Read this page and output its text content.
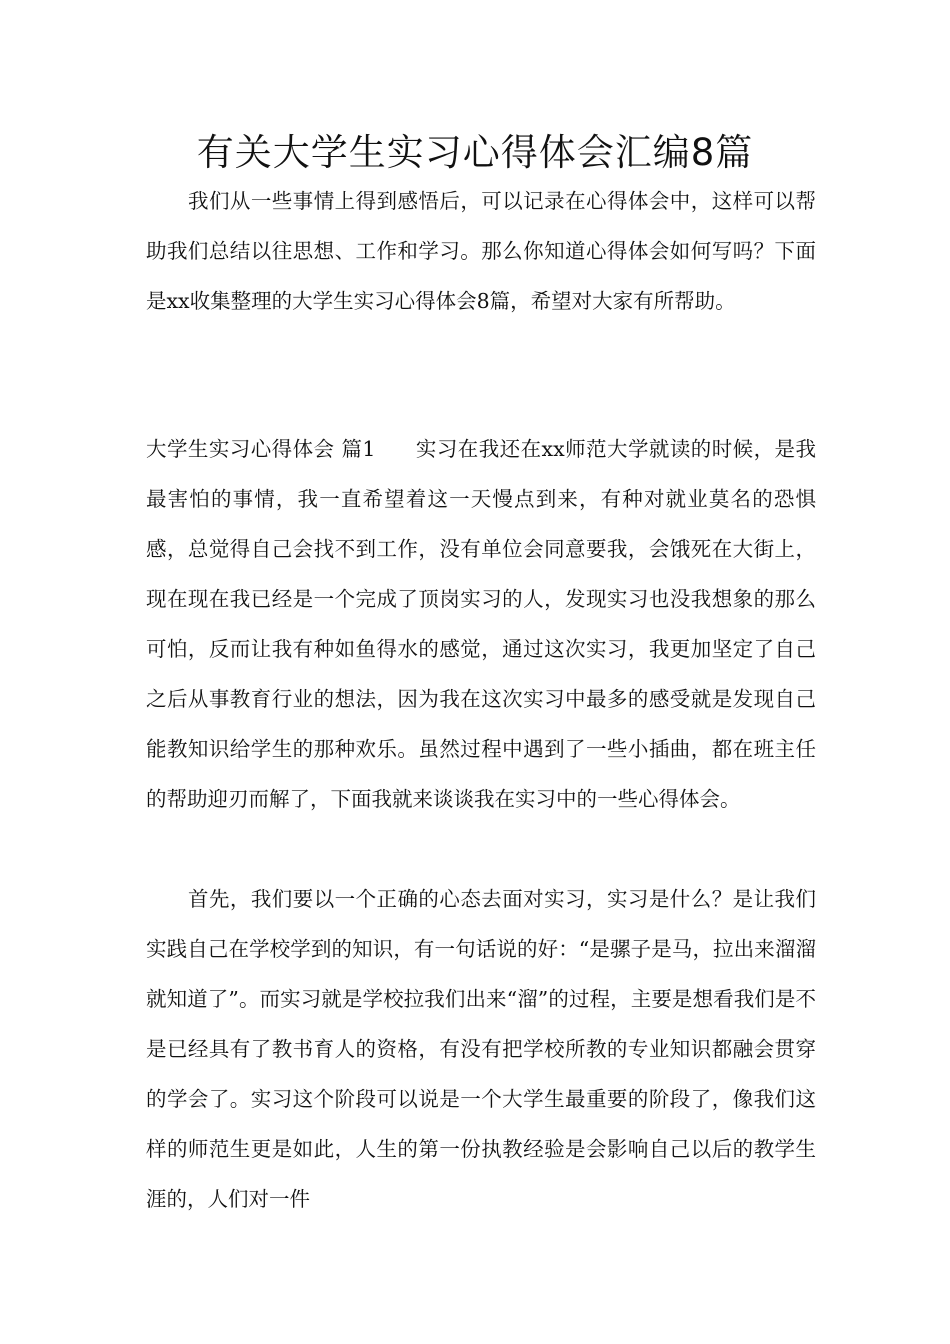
有关大学生实习心得体会汇编8篇

我们从一些事情上得到感悟后，可以记录在心得体会中，这样可以帮助我们总结以往思想、工作和学习。那么你知道心得体会如何写吗？下面是xx收集整理的大学生实习心得体会8篇，希望对大家有所帮助。

大学生实习心得体会 篇1 实习在我还在xx师范大学就读的时候，是我最害怕的事情，我一直希望着这一天慢点到来，有种对就业莫名的恐惧感，总觉得自己会找不到工作，没有单位会同意要我，会饿死在大街上，现在现在我已经是一个完成了顶岗实习的人，发现实习也没我想象的那么可怕，反而让我有种如鱼得水的感觉，通过这次实习，我更加坚定了自己之后从事教育行业的想法，因为我在这次实习中最多的感受就是发现自己能教知识给学生的那种欢乐。虽然过程中遇到了一些小插曲，都在班主任的帮助迎刃而解了，下面我就来谈谈我在实习中的一些心得体会。

首先，我们要以一个正确的心态去面对实习，实习是什么？是让我们实践自己在学校学到的知识，有一句话说的好：“是骡子是马，拉出来溜溜就知道了”。而实习就是学校拉我们出来“溜”的过程，主要是想看我们是不是已经具有了教书育人的资格，有没有把学校所教的专业知识都融会贯穿的学会了。实习这个阶段可以说是一个大学生最重要的阶段了，像我们这样的师范生更是如此，人生的第一份执教经验是会影响自己以后的教学生涯的，人们对一件
